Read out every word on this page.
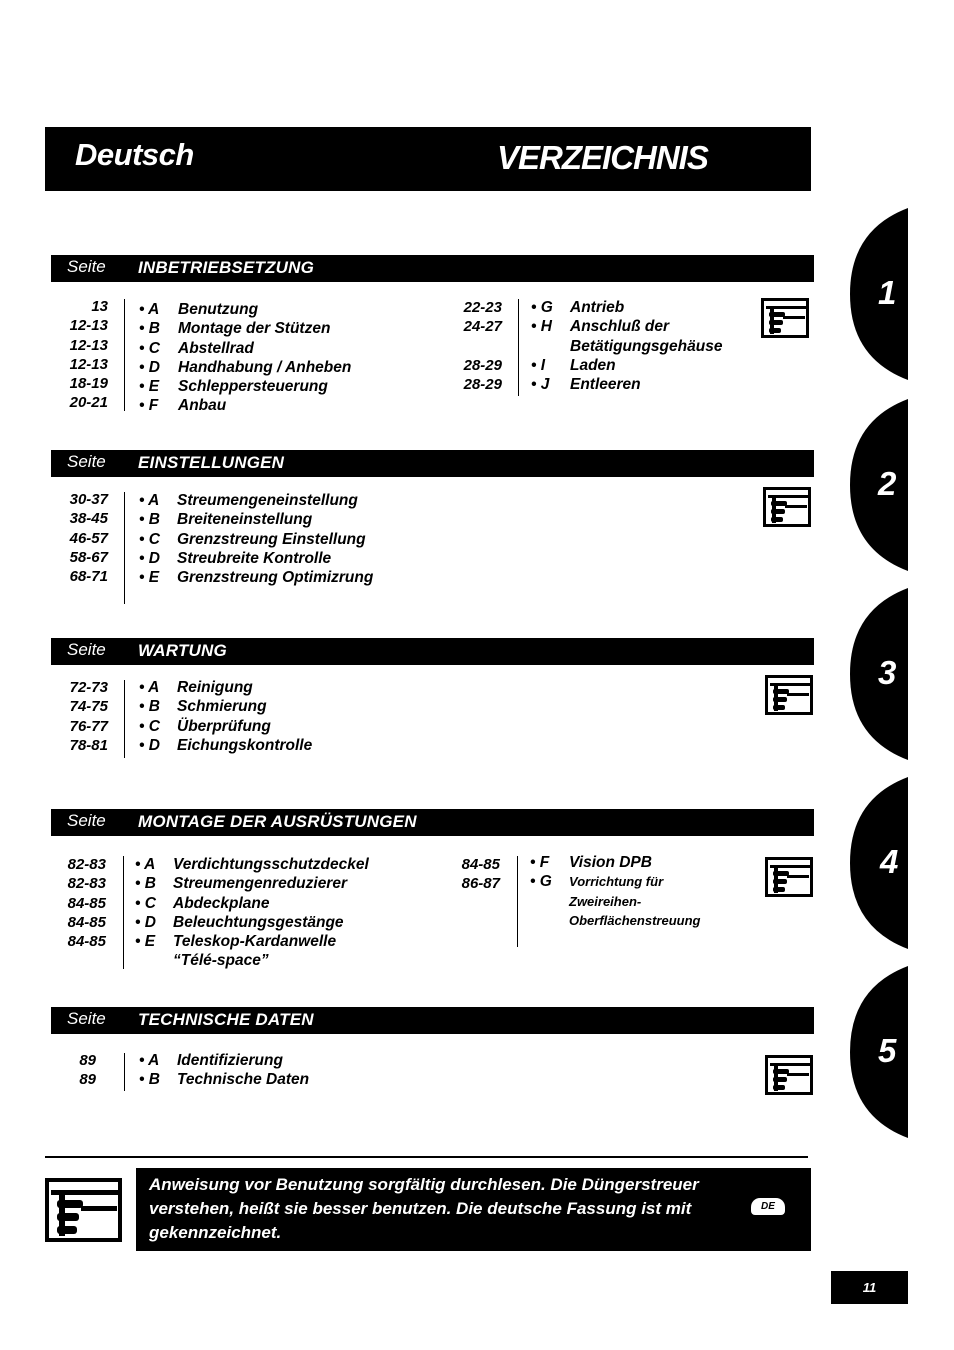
Deutsch	VERZEICHNIS
Seite INBETRIEBSETZUNG
13
12-13
12-13
12-13
18-19
20-21
• A
• B
• C
• D
• E
• F
Benutzung
Montage der Stützen
Abstellrad
Handhabung / Anheben
Schleppersteuerung
Anbau
22-23
24-27

28-29
28-29
• G
• H

• I
• J
Antrieb
Anschluß der
Betätigungsgehäuse
Laden
Entleeren
Seite EINSTELLUNGEN
30-37
38-45
46-57
58-67
68-71
• A
• B
• C
• D
• E
Streumengeneinstellung
Breiteneinstellung
Grenzstreung Einstellung
Streubreite Kontrolle
Grenzstreung Optimizrung
Seite WARTUNG
72-73
74-75
76-77
78-81
• A
• B
• C
• D
Reinigung
Schmierung
Überprüfung
Eichungskontrolle
Seite MONTAGE DER AUSRÜSTUNGEN
82-83
82-83
84-85
84-85
84-85

• A
• B
• C
• D
• E
Verdichtungsschutzdeckel
Streumengenreduzierer
Abdeckplane
Beleuchtungsgestänge
Teleskop-Kardanwelle
“Télé-space”
84-85
86-87
• F
• G
Vision DPB
Vorrichtung für
Zweireihen-
Oberflächenstreuung
Seite TECHNISCHE DATEN
89
89
• A
• B
Identifizierung
Technische Daten
1
2
3
4
5
Anweisung vor Benutzung sorgfältig durchlesen. Die Düngerstreuer verstehen, heißt sie besser benutzen. Die deutsche Fassung ist mit gekennzeichnet.
DE
11
